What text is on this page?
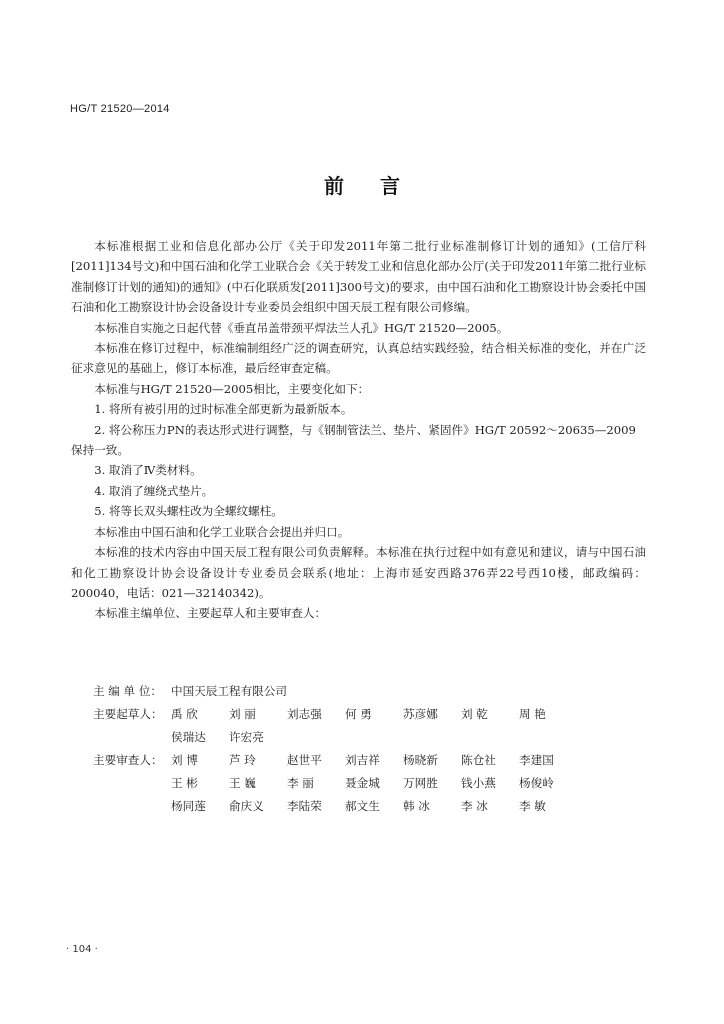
HG/T 21520—2014
前言

本标准根据工业和信息化部办公厅《关于印发2011年第二批行业标准制修订计划的通知》(工信厅科[2011]134号文)和中国石油和化学工业联合会《关于转发工业和信息化部办公厅(关于印发2011年第二批行业标准制修订计划的通知)的通知》(中石化联质发[2011]300号文)的要求，由中国石油和化工勘察设计协会委托中国石油和化工勘察设计协会设备设计专业委员会组织中国天辰工程有限公司修编。

本标准自实施之日起代替《垂直吊盖带颈平焊法兰人孔》HG/T 21520—2005。

本标准在修订过程中，标准编制组经广泛的调查研究，认真总结实践经验，结合相关标准的变化，并在广泛征求意见的基础上，修订本标准，最后经审查定稿。

本标准与HG/T 21520—2005相比，主要变化如下：

1. 将所有被引用的过时标准全部更新为最新版本。

2. 将公称压力PN的表达形式进行调整，与《钢制管法兰、垫片、紧固件》HG/T 20592～20635—2009保持一致。

3. 取消了Ⅳ类材料。

4. 取消了缠绕式垫片。

5. 将等长双头螺柱改为全螺纹螺柱。

本标准由中国石油和化学工业联合会提出并归口。

本标准的技术内容由中国天辰工程有限公司负责解释。本标准在执行过程中如有意见和建议，请与中国石油和化工勘察设计协会设备设计专业委员会联系(地址：上海市延安西路376弄22号西10楼，邮政编码：200040，电话：021—32140342)。

本标准主编单位、主要起草人和主要审查人：

主 编 单 位： 中国天辰工程有限公司
主要起草人： 禹 欣	刘 丽	刘志强	何 勇	苏彦娜	刘 乾	周 艳
侯瑞达	许宏亮
主要审查人： 刘 博	芦 玲	赵世平	刘吉祥	杨晓新	陈仓社	李建国
王 彬	王 巍	李 丽	聂金城	万网胜	钱小燕	杨俊岭
杨同莲	俞庆义	李陆荣	郝文生	韩 冰	李 冰	李 敏
· 104 ·
